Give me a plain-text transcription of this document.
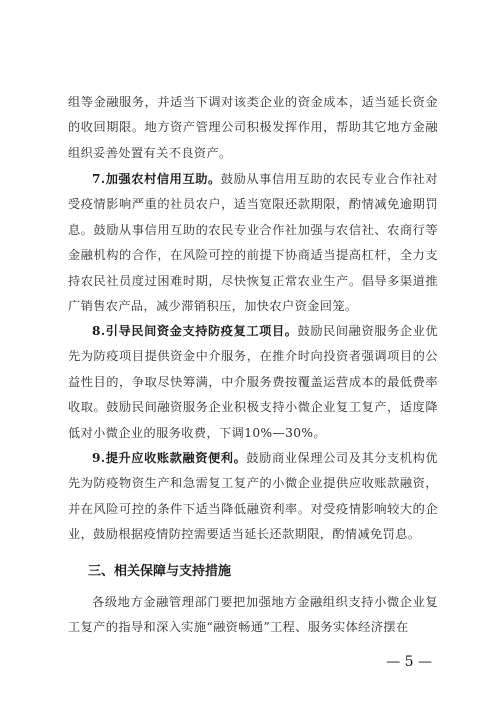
组等金融服务，并适当下调对该类企业的资金成本，适当延长资金的收回期限。地方资产管理公司积极发挥作用，帮助其它地方金融组织妥善处置有关不良资产。

7.加强农村信用互助。鼓励从事信用互助的农民专业合作社对受疫情影响严重的社员农户，适当宽限还款期限，酌情减免逾期罚息。鼓励从事信用互助的农民专业合作社加强与农信社、农商行等金融机构的合作，在风险可控的前提下协商适当提高杠杆，全力支持农民社员度过困难时期，尽快恢复正常农业生产。倡导多渠道推广销售农产品，减少滞销积压，加快农户资金回笼。

8.引导民间资金支持防疫复工项目。鼓励民间融资服务企业优先为防疫项目提供资金中介服务，在推介时向投资者强调项目的公益性目的，争取尽快筹满，中介服务费按覆盖运营成本的最低费率收取。鼓励民间融资服务企业积极支持小微企业复工复产，适度降低对小微企业的服务收费，下调10%—30%。

9.提升应收账款融资便利。鼓励商业保理公司及其分支机构优先为防疫物资生产和急需复工复产的小微企业提供应收账款融资，并在风险可控的条件下适当降低融资利率。对受疫情影响较大的企业，鼓励根据疫情防控需要适当延长还款期限，酌情减免罚息。

三、相关保障与支持措施

各级地方金融管理部门要把加强地方金融组织支持小微企业复工复产的指导和深入实施“融资畅通”工程、服务实体经济摆在

— 5 —
